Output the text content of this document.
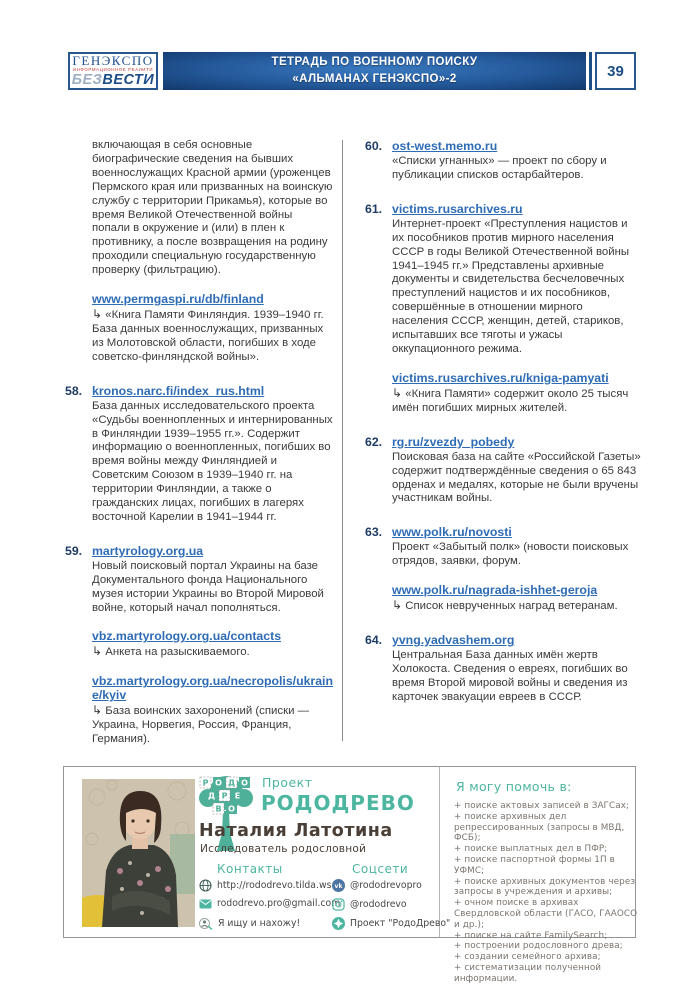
ГЕНЭКСПО
ИНФОРМАЦИОННОЕ РЕАЛИТИ
БЕЗВЕСТИ
ТЕТРАДЬ ПО ВОЕННОМУ ПОИСКУ
«АЛЬМАНАХ ГЕНЭКСПО»-2	39

включающая в себя основные биографические сведения на бывших военнослужащих Красной армии (уроженцев Пермского края или призванных на воинскую службу с территории Прикамья), которые во время Великой Отечественной войны попали в окружение и (или) в плен к противнику, а после возвращения на родину проходили специальную государственную проверку (фильтрацию).

www.permgaspi.ru/db/finland

↳ «Книга Памяти Финляндия. 1939–1940 гг. База данных военнослужащих, призванных из Молотовской области, погибших в ходе советско-финляндской войны».

58. kronos.narc.fi/index_rus.html

База данных исследовательского проекта «Судьбы военнопленных и интернированных в Финляндии 1939–1955 гг.». Содержит информацию о военнопленных, погибших во время войны между Финляндией и Советским Союзом в 1939–1940 гг. на территории Финляндии, а также о гражданских лицах, погибших в лагерях восточной Карелии в 1941–1944 гг.

59. martyrology.org.ua

Новый поисковый портал Украины на базе Документального фонда Национального музея истории Украины во Второй Мировой войне, который начал пополняться.

vbz.martyrology.org.ua/contacts

↳ Анкета на разыскиваемого.

vbz.martyrology.org.ua/necropolis/ukraine/kyiv

↳ База воинских захоронений (списки — Украина, Норвегия, Россия, Франция, Германия).

60. ost-west.memo.ru

«Списки угнанных» — проект по сбору и публикации списков остарбайтеров.

61. victims.rusarchives.ru

Интернет-проект «Преступления нацистов и их пособников против мирного населения СССР в годы Великой Отечественной войны 1941–1945 гг.» Представлены архивные документы и свидетельства бесчеловечных преступлений нацистов и их пособников, совершённые в отношении мирного населения СССР, женщин, детей, стариков, испытавших все тяготы и ужасы оккупационного режима.

victims.rusarchives.ru/kniga-pamyati

↳ «Книга Памяти» содержит около 25 тысяч имён погибших мирных жителей.

62. rg.ru/zvezdy_pobedy

Поисковая база на сайте «Российской Газеты» содержит подтверждённые сведения о 65 843 орденах и медалях, которые не были вручены участникам войны.

63. www.polk.ru/novosti

Проект «Забытый полк» (новости поисковых отрядов, заявки, форум.

www.polk.ru/nagrada-ishhet-geroja

↳ Список неврученных наград ветеранам.

64. yvng.yadvashem.org

Центральная База данных имён жертв Холокоста. Сведения о евреях, погибших во время Второй мировой войны и сведения из карточек эвакуации евреев в СССР.

Р О Д О
Д Р Е
В О
Проект
РОДОДРЕВО
Наталия Латотина
Исследователь родословной
Контакты	Соцсети
http://rododrevo.tilda.ws
rododrevo.pro@gmail.com
Я ищу и нахожу!
vk @rododrevopro
@rododrevo
Проект "РодоДрево"
Я могу помочь в:
+ поиске актовых записей в ЗАГСах;
+ поиске архивных дел репрессированных (запросы в МВД, ФСБ);
+ поиске выплатных дел в ПФР;
+ поиске паспортной формы 1П в УФМС;
+ поиске архивных документов через запросы в учреждения и архивы;
+ очном поиске в архивах Свердловской области (ГАСО, ГААОСО и др.);
+ поиске на сайте FamilySearch;
+ построении родословного древа;
+ создании семейного архива;
+ систематизации полученной информации.
